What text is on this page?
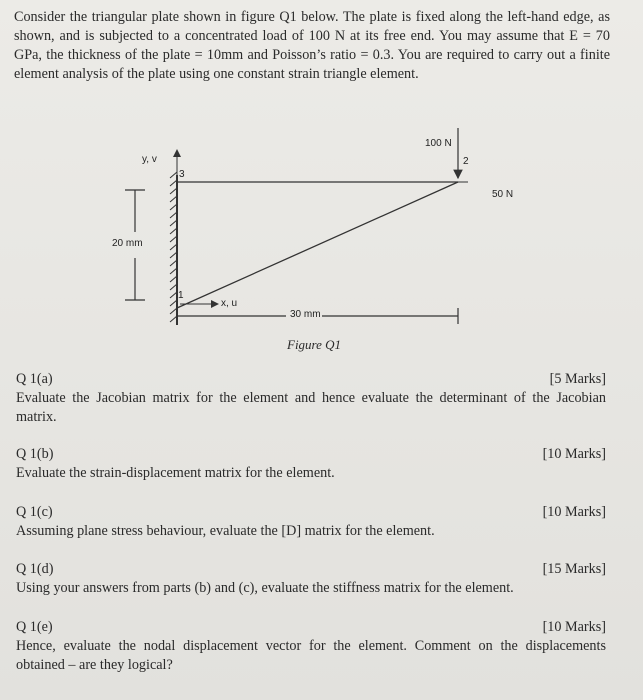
Consider the triangular plate shown in figure Q1 below. The plate is fixed along the left-hand edge, as shown, and is subjected to a concentrated load of 100 N at its free end. You may assume that E = 70 GPa, the thickness of the plate = 10mm and Poisson’s ratio = 0.3. You are required to carry out a finite element analysis of the plate using one constant strain triangle element.
100 N
2
3
1
50 N
y, v
x, u
20 mm
30 mm
Figure Q1
Q 1(a)	[5 Marks]
Evaluate the Jacobian matrix for the element and hence evaluate the determinant of the Jacobian matrix.
Q 1(b)	[10 Marks]
Evaluate the strain-displacement matrix for the element.
Q 1(c)	[10 Marks]
Assuming plane stress behaviour, evaluate the [D] matrix for the element.
Q 1(d)	[15 Marks]
Using your answers from parts (b) and (c), evaluate the stiffness matrix for the element.
Q 1(e)	[10 Marks]
Hence, evaluate the nodal displacement vector for the element. Comment on the displacements obtained – are they logical?
